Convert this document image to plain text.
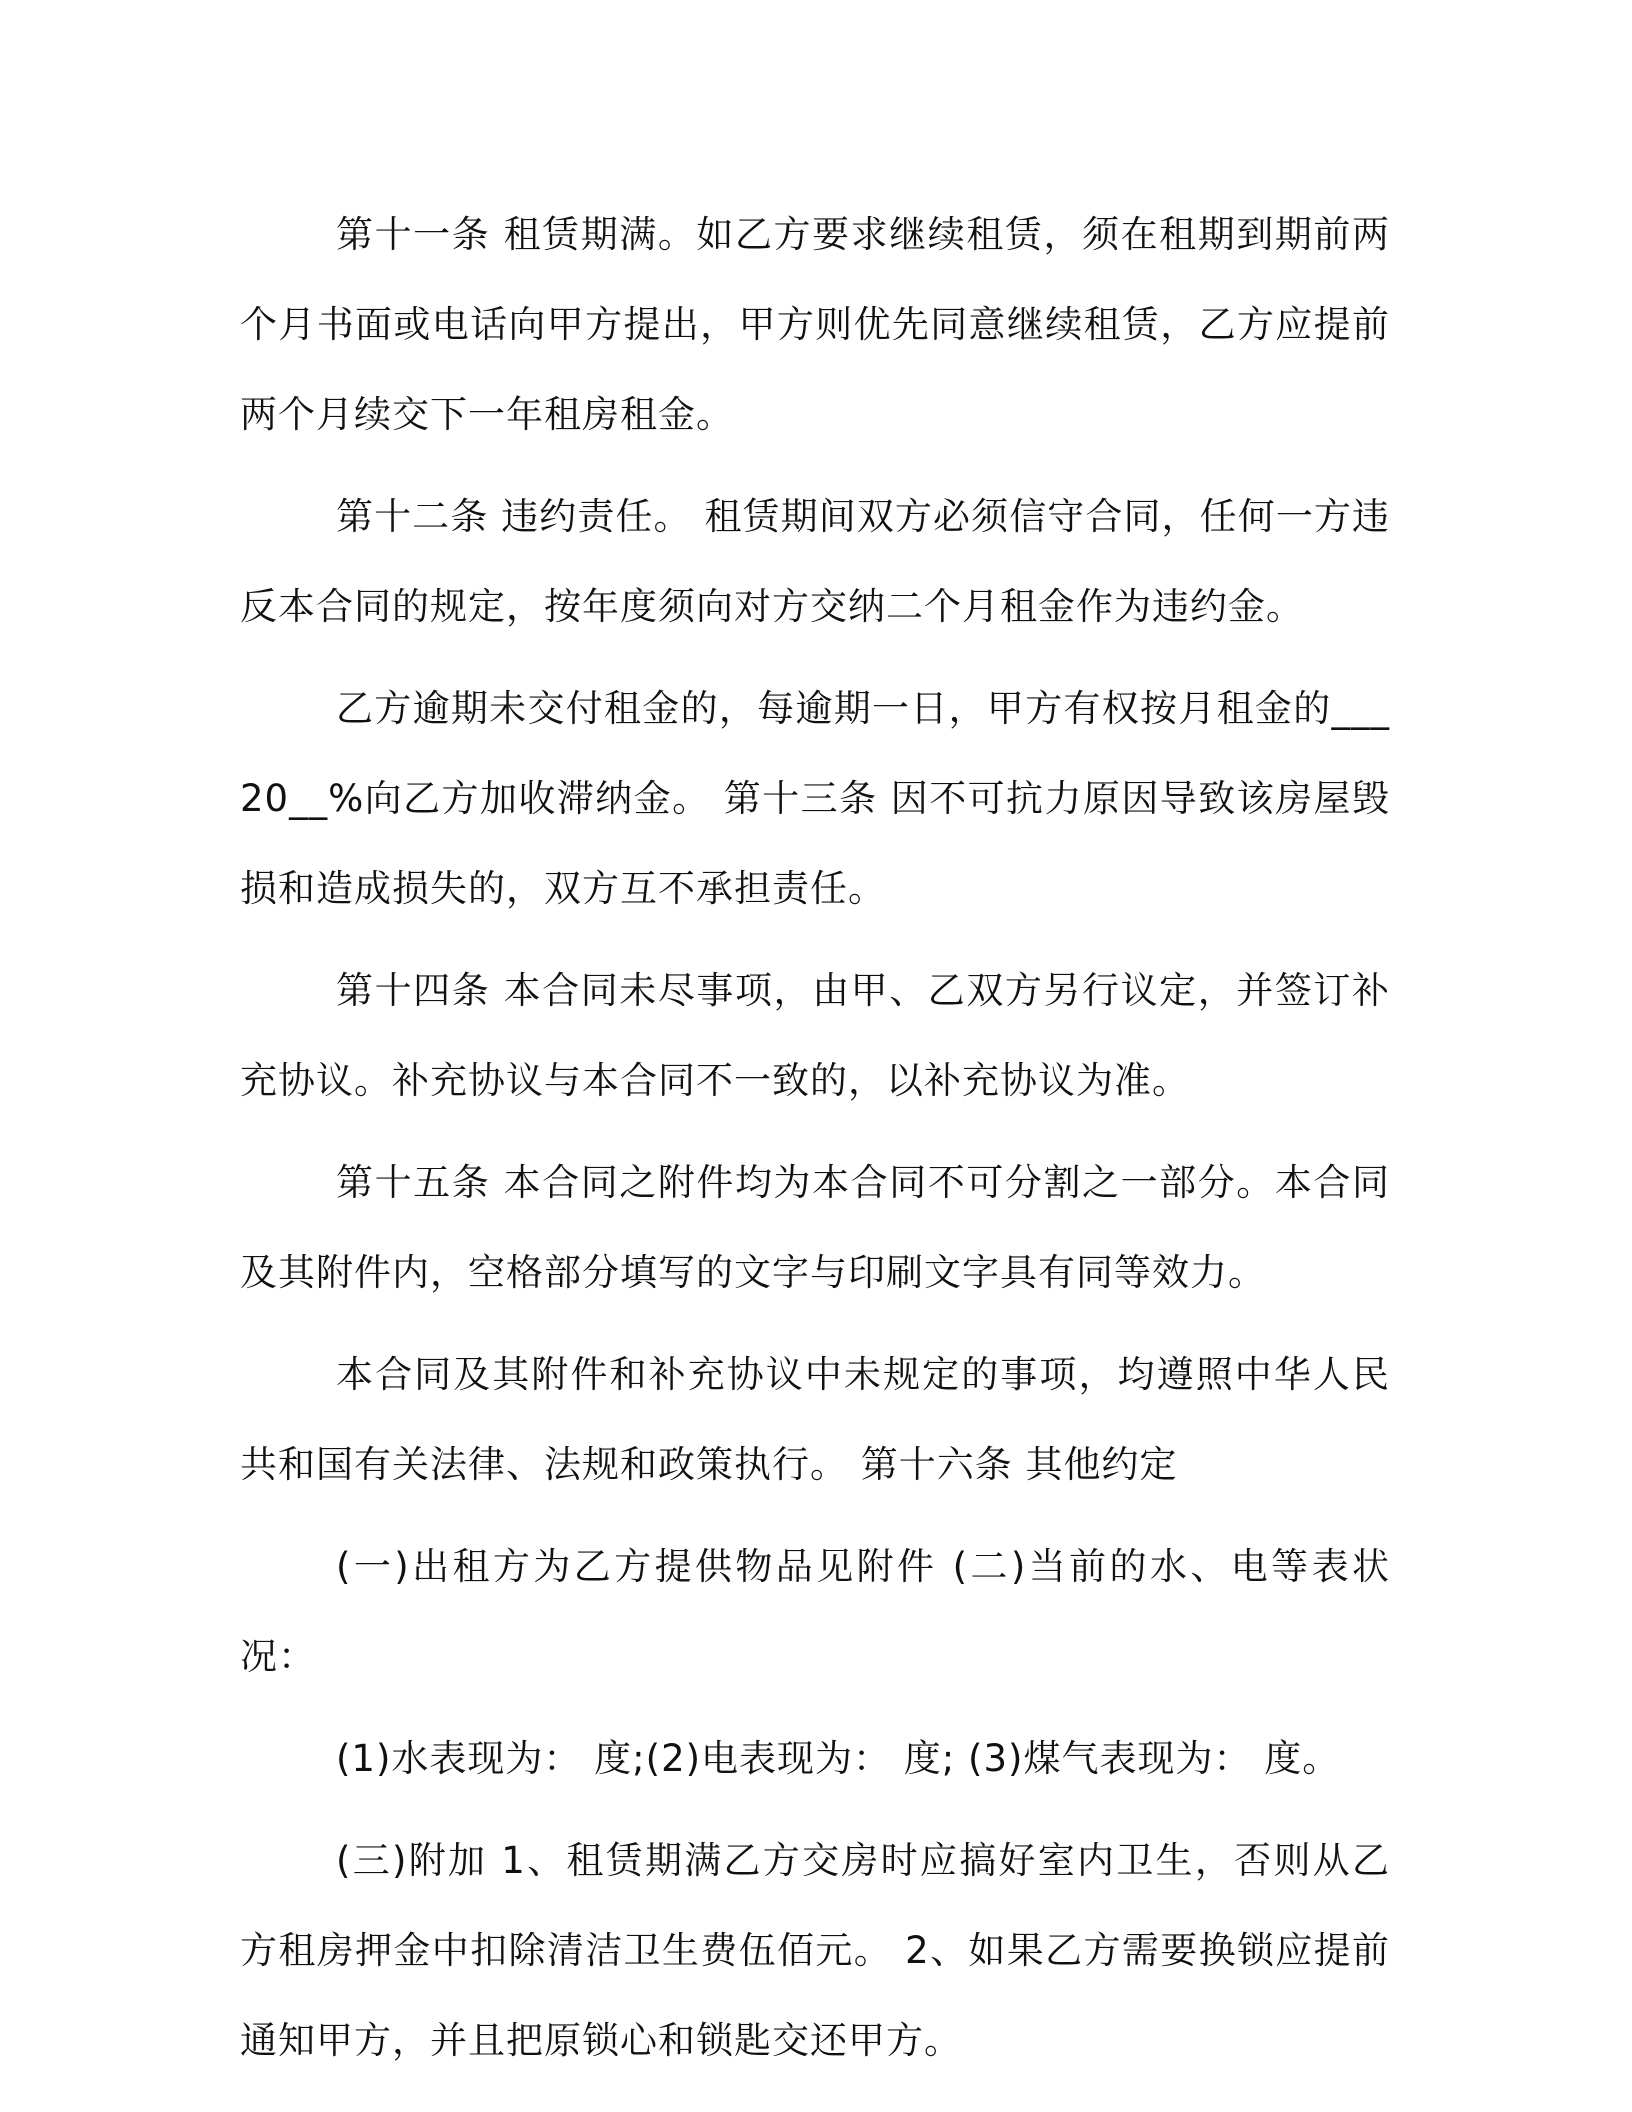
第十一条 租赁期满。如乙方要求继续租赁，须在租期到期前两个月书面或电话向甲方提出，甲方则优先同意继续租赁，乙方应提前两个月续交下一年租房租金。

第十二条 违约责任。 租赁期间双方必须信守合同，任何一方违反本合同的规定，按年度须向对方交纳二个月租金作为违约金。

乙方逾期未交付租金的，每逾期一日，甲方有权按月租金的___20__%向乙方加收滞纳金。 第十三条 因不可抗力原因导致该房屋毁损和造成损失的，双方互不承担责任。

第十四条 本合同未尽事项，由甲、乙双方另行议定，并签订补充协议。补充协议与本合同不一致的，以补充协议为准。

第十五条 本合同之附件均为本合同不可分割之一部分。本合同及其附件内，空格部分填写的文字与印刷文字具有同等效力。

本合同及其附件和补充协议中未规定的事项，均遵照中华人民共和国有关法律、法规和政策执行。 第十六条 其他约定

(一)出租方为乙方提供物品见附件 (二)当前的水、电等表状况：

(1)水表现为： 度;(2)电表现为： 度; (3)煤气表现为： 度。

(三)附加 1、租赁期满乙方交房时应搞好室内卫生，否则从乙方租房押金中扣除清洁卫生费伍佰元。 2、如果乙方需要换锁应提前通知甲方，并且把原锁心和锁匙交还甲方。
